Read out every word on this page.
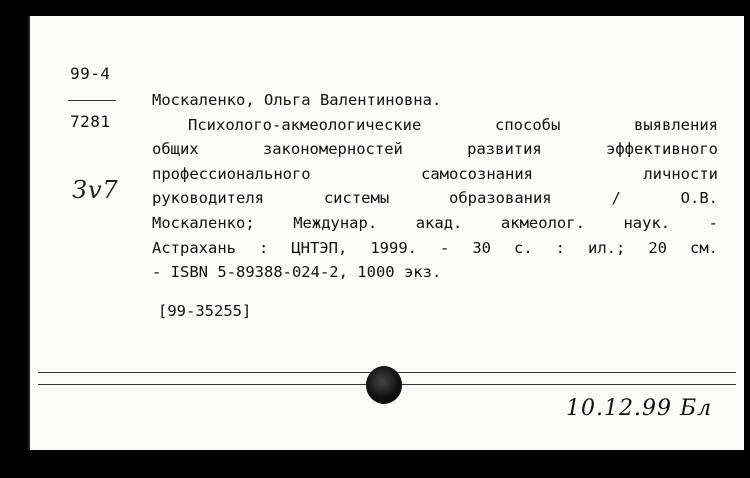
99-4
7281
Зv7
Москаленко, Ольга Валентиновна.
Психолого-акмеологические способы выявления
общих закономерностей развития эффективного
профессионального самосознания личности
руководителя системы образования / О.В.
Москаленко; Междунар. акад. акмеолог. наук. -
Астрахань : ЦНТЭП, 1999. - 30 с. : ил.; 20 см.
- ISBN 5-89388-024-2, 1000 экз.
[99-35255]
10.12.99 Бл
